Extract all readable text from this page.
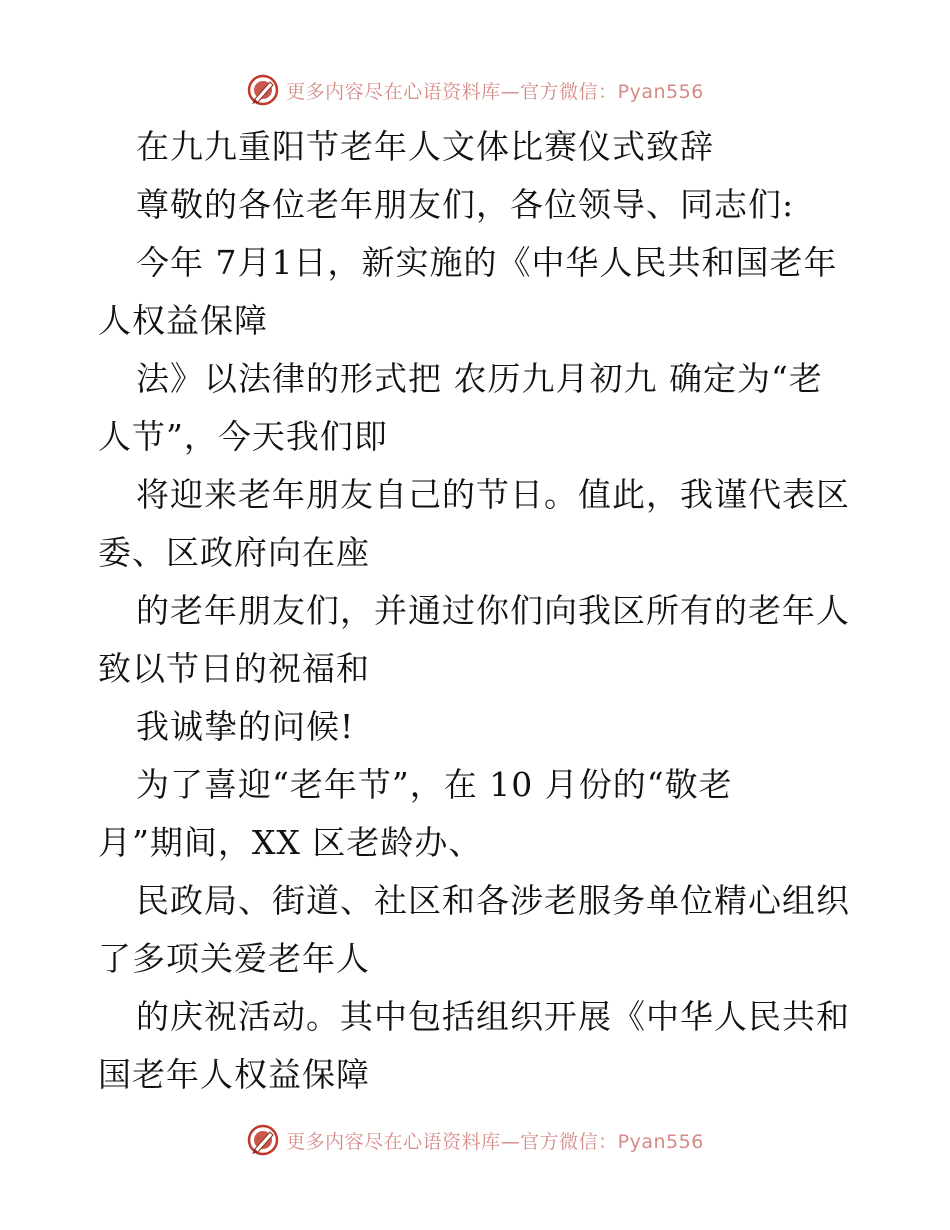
更多内容尽在心语资料库—官方微信：Pyan556
在九九重阳节老年人文体比赛仪式致辞
尊敬的各位老年朋友们，各位领导、同志们:
今年 7月1日，新实施的《中华人民共和国老年
人权益保障
法》以法律的形式把 农历九月初九 确定为“老
人节”，今天我们即
将迎来老年朋友自己的节日。值此，我谨代表区
委、区政府向在座
的老年朋友们，并通过你们向我区所有的老年人
致以节日的祝福和
我诚挚的问候!
为了喜迎“老年节”，在 10 月份的“敬老
月”期间，XX 区老龄办、
民政局、街道、社区和各涉老服务单位精心组织
了多项关爱老年人
的庆祝活动。其中包括组织开展《中华人民共和
国老年人权益保障
更多内容尽在心语资料库—官方微信：Pyan556
